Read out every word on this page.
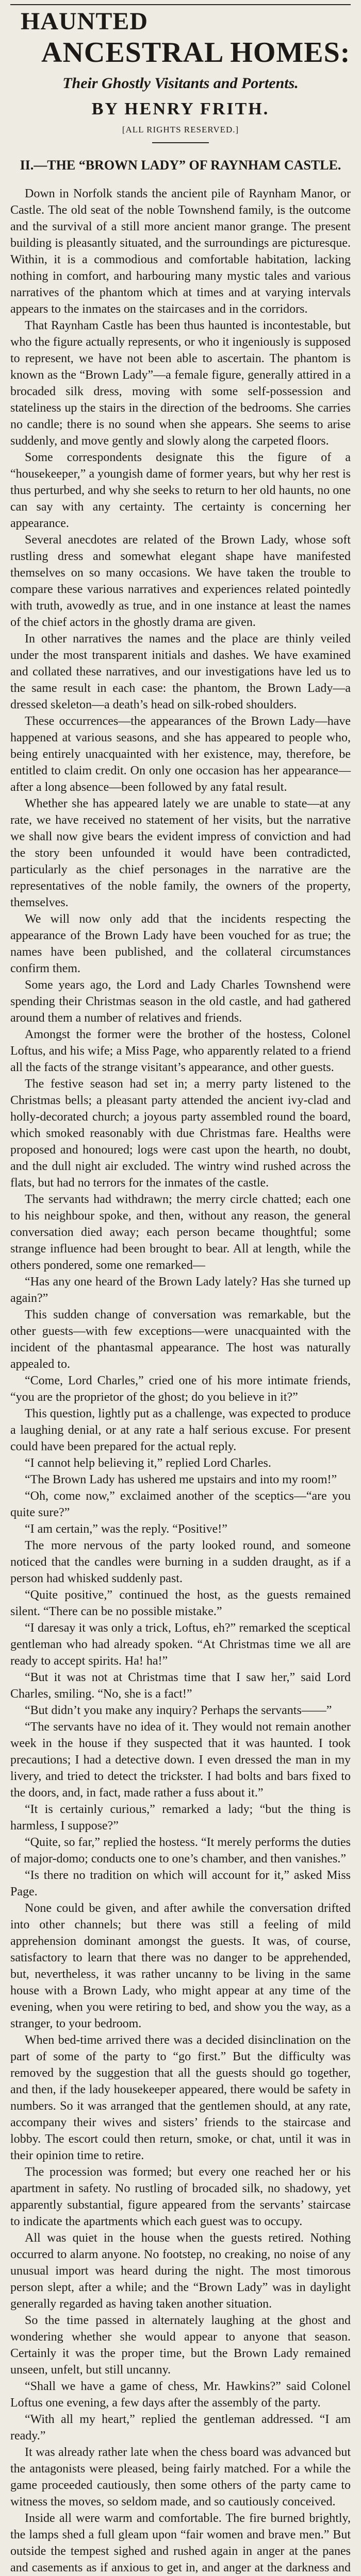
HAUNTED
ANCESTRAL HOMES:
Their Ghostly Visitants and Portents.
BY HENRY FRITH.
[ALL RIGHTS RESERVED.]
II.—THE “BROWN LADY” OF RAYNHAM CASTLE.

Down in Norfolk stands the ancient pile of Raynham Manor, or Castle. The old seat of the noble Townshend family, is the outcome and the survival of a still more ancient manor grange. The present building is pleasantly situated, and the surroundings are picturesque. Within, it is a commodious and comfortable habitation, lacking nothing in comfort, and harbouring many mystic tales and various narratives of the phantom which at times and at varying intervals appears to the inmates on the staircases and in the corridors.

That Raynham Castle has been thus haunted is incontestable, but who the figure actually represents, or who it ingeniously is supposed to represent, we have not been able to ascertain. The phantom is known as the “Brown Lady”—a female figure, generally attired in a brocaded silk dress, moving with some self-possession and stateliness up the stairs in the direction of the bedrooms. She carries no candle; there is no sound when she appears. She seems to arise suddenly, and move gently and slowly along the carpeted floors.

Some correspondents designate this the figure of a “housekeeper,” a youngish dame of former years, but why her rest is thus perturbed, and why she seeks to return to her old haunts, no one can say with any certainty. The certainty is concerning her appearance.

Several anecdotes are related of the Brown Lady, whose soft rustling dress and somewhat elegant shape have manifested themselves on so many occasions. We have taken the trouble to compare these various narratives and experiences related pointedly with truth, avowedly as true, and in one instance at least the names of the chief actors in the ghostly drama are given.

In other narratives the names and the place are thinly veiled under the most transparent initials and dashes. We have examined and collated these narratives, and our investigations have led us to the same result in each case: the phantom, the Brown Lady—a dressed skeleton—a death’s head on silk-robed shoulders.

These occurrences—the appearances of the Brown Lady—have happened at various seasons, and she has appeared to people who, being entirely unacquainted with her existence, may, therefore, be entitled to claim credit. On only one occasion has her appearance—after a long absence—been followed by any fatal result.

Whether she has appeared lately we are unable to state—at any rate, we have received no statement of her visits, but the narrative we shall now give bears the evident impress of conviction and had the story been unfounded it would have been contradicted, particularly as the chief personages in the narrative are the representatives of the noble family, the owners of the property, themselves.

We will now only add that the incidents respecting the appearance of the Brown Lady have been vouched for as true; the names have been published, and the collateral circumstances confirm them.

Some years ago, the Lord and Lady Charles Townshend were spending their Christmas season in the old castle, and had gathered around them a number of relatives and friends.

Amongst the former were the brother of the hostess, Colonel Loftus, and his wife; a Miss Page, who apparently related to a friend all the facts of the strange visitant’s appearance, and other guests.

The festive season had set in; a merry party listened to the Christmas bells; a pleasant party attended the ancient ivy-clad and holly-decorated church; a joyous party assembled round the board, which smoked reasonably with due Christmas fare. Healths were proposed and honoured; logs were cast upon the hearth, no doubt, and the dull night air excluded. The wintry wind rushed across the flats, but had no terrors for the inmates of the castle.

The servants had withdrawn; the merry circle chatted; each one to his neighbour spoke, and then, without any reason, the general conversation died away; each person became thoughtful; some strange influence had been brought to bear. All at length, while the others pondered, some one remarked—

“Has any one heard of the Brown Lady lately? Has she turned up again?”

This sudden change of conversation was remarkable, but the other guests—with few exceptions—were unacquainted with the incident of the phantasmal appearance. The host was naturally appealed to.

“Come, Lord Charles,” cried one of his more intimate friends, “you are the proprietor of the ghost; do you believe in it?”

This question, lightly put as a challenge, was expected to produce a laughing denial, or at any rate a half serious excuse. For present could have been prepared for the actual reply.

“I cannot help believing it,” replied Lord Charles.

“The Brown Lady has ushered me upstairs and into my room!”

“Oh, come now,” exclaimed another of the sceptics—“are you quite sure?”

“I am certain,” was the reply. “Positive!”

The more nervous of the party looked round, and someone noticed that the candles were burning in a sudden draught, as if a person had whisked suddenly past.

“Quite positive,” continued the host, as the guests remained silent. “There can be no possible mistake.”

“I daresay it was only a trick, Loftus, eh?” remarked the sceptical gentleman who had already spoken. “At Christmas time we all are ready to accept spirits. Ha! ha!”

“But it was not at Christmas time that I saw her,” said Lord Charles, smiling. “No, she is a fact!”

“But didn’t you make any inquiry? Perhaps the servants——”

“The servants have no idea of it. They would not remain another week in the house if they suspected that it was haunted. I took precautions; I had a detective down. I even dressed the man in my livery, and tried to detect the trickster. I had bolts and bars fixed to the doors, and, in fact, made rather a fuss about it.”

“It is certainly curious,” remarked a lady; “but the thing is harmless, I suppose?”

“Quite, so far,” replied the hostess. “It merely performs the duties of major-domo; conducts one to one’s chamber, and then vanishes.”

“Is there no tradition on which will account for it,” asked Miss Page.

None could be given, and after awhile the conversation drifted into other channels; but there was still a feeling of mild apprehension dominant amongst the guests. It was, of course, satisfactory to learn that there was no danger to be apprehended, but, nevertheless, it was rather uncanny to be living in the same house with a Brown Lady, who might appear at any time of the evening, when you were retiring to bed, and show you the way, as a stranger, to your bedroom.

When bed-time arrived there was a decided disinclination on the part of some of the party to “go first.” But the difficulty was removed by the suggestion that all the guests should go together, and then, if the lady housekeeper appeared, there would be safety in numbers. So it was arranged that the gentlemen should, at any rate, accompany their wives and sisters’ friends to the staircase and lobby. The escort could then return, smoke, or chat, until it was in their opinion time to retire.

The procession was formed; but every one reached her or his apartment in safety. No rustling of brocaded silk, no shadowy, yet apparently substantial, figure appeared from the servants’ staircase to indicate the apartments which each guest was to occupy.

All was quiet in the house when the guests retired. Nothing occurred to alarm anyone. No footstep, no creaking, no noise of any unusual import was heard during the night. The most timorous person slept, after a while; and the “Brown Lady” was in daylight generally regarded as having taken another situation.

So the time passed in alternately laughing at the ghost and wondering whether she would appear to anyone that season. Certainly it was the proper time, but the Brown Lady remained unseen, unfelt, but still uncanny.

“Shall we have a game of chess, Mr. Hawkins?” said Colonel Loftus one evening, a few days after the assembly of the party.

“With all my heart,” replied the gentleman addressed. “I am ready.”

It was already rather late when the chess board was advanced but the antagonists were pleased, being fairly matched. For a while the game proceeded cautiously, then some others of the party came to witness the moves, so seldom made, and so cautiously conceived.

Inside all were warm and comfortable. The fire burned brightly, the lamps shed a full gleam upon “fair women and brave men.” But outside the tempest sighed and rushed again in anger at the panes and casements as if anxious to get in, and anger at the darkness and
